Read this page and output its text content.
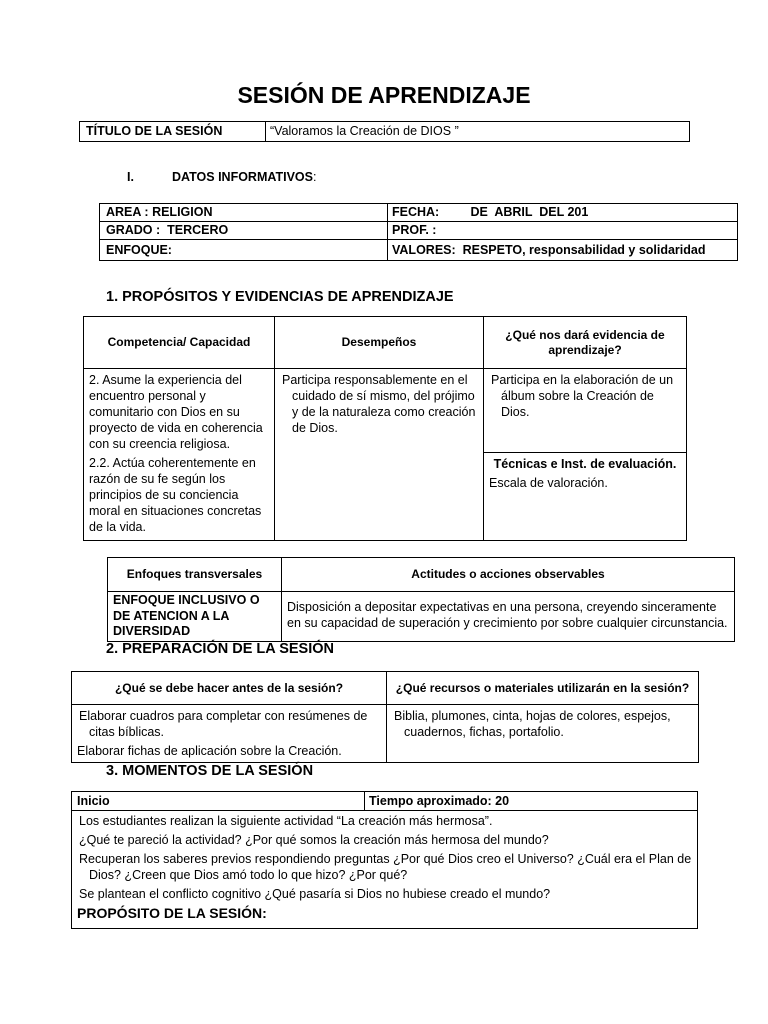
SESIÓN DE APRENDIZAJE
TÍTULO DE LA SESIÓN	“Valoramos la Creación de DIOS ”
I.	DATOS INFORMATIVOS:
AREA : RELIGION	FECHA:         DE  ABRIL  DEL 201
GRADO :  TERCERO	PROF. :
ENFOQUE:	VALORES:  RESPETO, responsabilidad y solidaridad
1. PROPÓSITOS Y EVIDENCIAS DE APRENDIZAJE
Competencia/ Capacidad	Desempeños	¿Qué nos dará evidencia de aprendizaje?

2. Asume la experiencia del encuentro personal y comunitario con Dios en su proyecto de vida en coherencia con su creencia religiosa.

2.2. Actúa coherentemente en razón de su fe según los principios de su conciencia moral en situaciones concretas de la vida.	Participa responsablemente en el cuidado de sí mismo, del prójimo y de la naturaleza como creación de Dios.	Participa en la elaboración de un álbum sobre la Creación de Dios.

		Técnicas e Inst. de evaluación.

Escala de valoración.

Enfoques transversales	Actitudes o acciones observables
ENFOQUE INCLUSIVO O DE ATENCION A LA DIVERSIDAD	Disposición a depositar expectativas en una persona, creyendo sinceramente en su capacidad de superación y crecimiento por sobre cualquier circunstancia.
2. PREPARACIÓN DE LA SESIÓN
¿Qué se debe hacer antes de la sesión?	¿Qué recursos o materiales utilizarán en la sesión?

Elaborar cuadros para completar con resúmenes de citas bíblicas.

Elaborar fichas de aplicación sobre la Creación.	Biblia, plumones, cinta, hojas de colores, espejos, cuadernos, fichas, portafolio.

3. MOMENTOS DE LA SESIÓN
Inicio	Tiempo aproximado: 20

Los estudiantes realizan la siguiente actividad “La creación más hermosa”.

¿Qué te pareció la actividad? ¿Por qué somos la creación más hermosa del mundo?

Recuperan los saberes previos respondiendo preguntas ¿Por qué Dios creo el Universo? ¿Cuál era el Plan de Dios? ¿Creen que Dios amó todo lo que hizo? ¿Por qué?

Se plantean el conflicto cognitivo ¿Qué pasaría si Dios no hubiese creado el mundo?

PROPÓSITO DE LA SESIÓN:
